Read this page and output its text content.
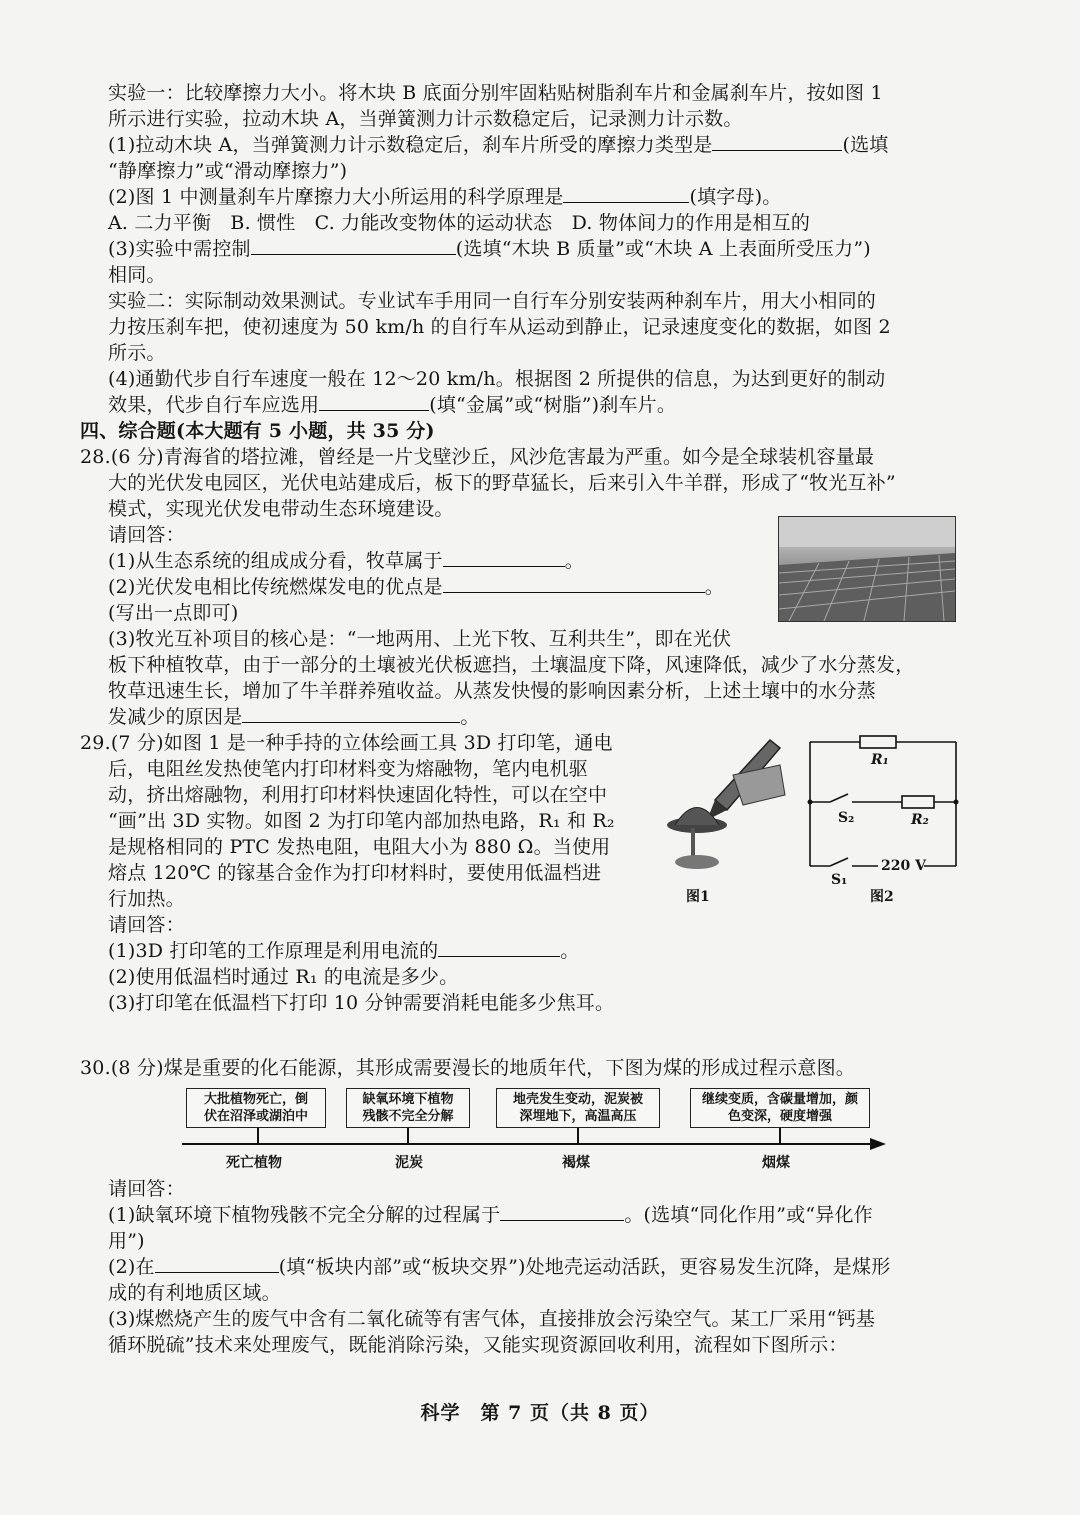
实验一：比较摩擦力大小。将木块 B 底面分别牢固粘贴树脂刹车片和金属刹车片，按如图 1
所示进行实验，拉动木块 A，当弹簧测力计示数稳定后，记录测力计示数。
(1)拉动木块 A，当弹簧测力计示数稳定后，刹车片所受的摩擦力类型是	(选填
“静摩擦力”或“滑动摩擦力”)
(2)图 1 中测量刹车片摩擦力大小所运用的科学原理是	(填字母)。
A. 二力平衡　B. 惯性　C. 力能改变物体的运动状态　D. 物体间力的作用是相互的
(3)实验中需控制	(选填“木块 B 质量”或“木块 A 上表面所受压力”)
相同。
实验二：实际制动效果测试。专业试车手用同一自行车分别安装两种刹车片，用大小相同的
力按压刹车把，使初速度为 50 km/h 的自行车从运动到静止，记录速度变化的数据，如图 2
所示。
(4)通勤代步自行车速度一般在 12～20 km/h。根据图 2 所提供的信息，为达到更好的制动
效果，代步自行车应选用	(填“金属”或“树脂”)刹车片。
四、综合题(本大题有 5 小题，共 35 分)
28.(6 分)青海省的塔拉滩，曾经是一片戈壁沙丘，风沙危害最为严重。如今是全球装机容量最
大的光伏发电园区，光伏电站建成后，板下的野草猛长，后来引入牛羊群，形成了“牧光互补”
模式，实现光伏发电带动生态环境建设。
请回答：
(1)从生态系统的组成成分看，牧草属于	。
(2)光伏发电相比传统燃煤发电的优点是	。
(写出一点即可)
(3)牧光互补项目的核心是：“一地两用、上光下牧、互利共生”，即在光伏
板下种植牧草，由于一部分的土壤被光伏板遮挡，土壤温度下降，风速降低，减少了水分蒸发，
牧草迅速生长，增加了牛羊群养殖收益。从蒸发快慢的影响因素分析，上述土壤中的水分蒸
发减少的原因是	。
29.(7 分)如图 1 是一种手持的立体绘画工具 3D 打印笔，通电
后，电阻丝发热使笔内打印材料变为熔融物，笔内电机驱
动，挤出熔融物，利用打印材料快速固化特性，可以在空中
“画”出 3D 实物。如图 2 为打印笔内部加热电路，R₁ 和 R₂
是规格相同的 PTC 发热电阻，电阻大小为 880 Ω。当使用
熔点 120℃ 的镓基合金作为打印材料时，要使用低温档进
行加热。
请回答：
(1)3D 打印笔的工作原理是利用电流的	。
(2)使用低温档时通过 R₁ 的电流是多少。
(3)打印笔在低温档下打印 10 分钟需要消耗电能多少焦耳。
图1
R₁
R₂
S₂
S₁
220 V
图2
30.(8 分)煤是重要的化石能源，其形成需要漫长的地质年代，下图为煤的形成过程示意图。
大批植物死亡，倒
伏在沼泽或湖泊中
缺氧环境下植物
残骸不完全分解
地壳发生变动，泥炭被
深埋地下，高温高压
继续变质，含碳量增加，颜
色变深，硬度增强
死亡植物	泥炭	褐煤	烟煤
请回答：
(1)缺氧环境下植物残骸不完全分解的过程属于	。(选填“同化作用”或“异化作
用”)
(2)在	(填“板块内部”或“板块交界”)处地壳运动活跃，更容易发生沉降，是煤形
成的有利地质区域。
(3)煤燃烧产生的废气中含有二氧化硫等有害气体，直接排放会污染空气。某工厂采用“钙基
循环脱硫”技术来处理废气，既能消除污染，又能实现资源回收利用，流程如下图所示：
科学　第 7 页（共 8 页）
